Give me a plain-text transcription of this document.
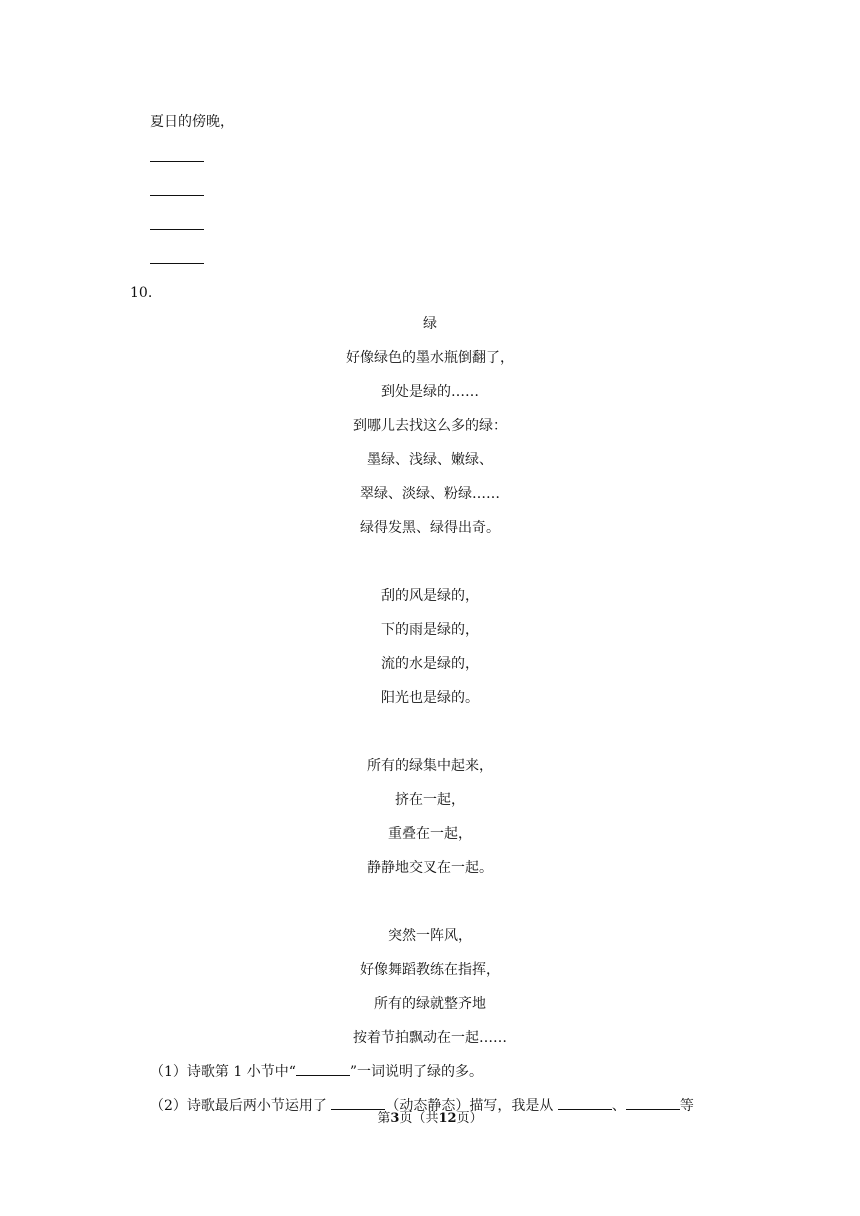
夏日的傍晚，
10.
绿
好像绿色的墨水瓶倒翻了，
到处是绿的……
到哪儿去找这么多的绿：
墨绿、浅绿、嫩绿、
翠绿、淡绿、粉绿……
绿得发黑、绿得出奇。
刮的风是绿的，
下的雨是绿的，
流的水是绿的，
阳光也是绿的。
所有的绿集中起来，
挤在一起，
重叠在一起，
静静地交叉在一起。
突然一阵风，
好像舞蹈教练在指挥，
所有的绿就整齐地
按着节拍飘动在一起……
（1）诗歌第 1 小节中“	”一词说明了绿的多。
（2）诗歌最后两小节运用了	（动态静态）描写，我是从	、	等
第3页（共12页）
